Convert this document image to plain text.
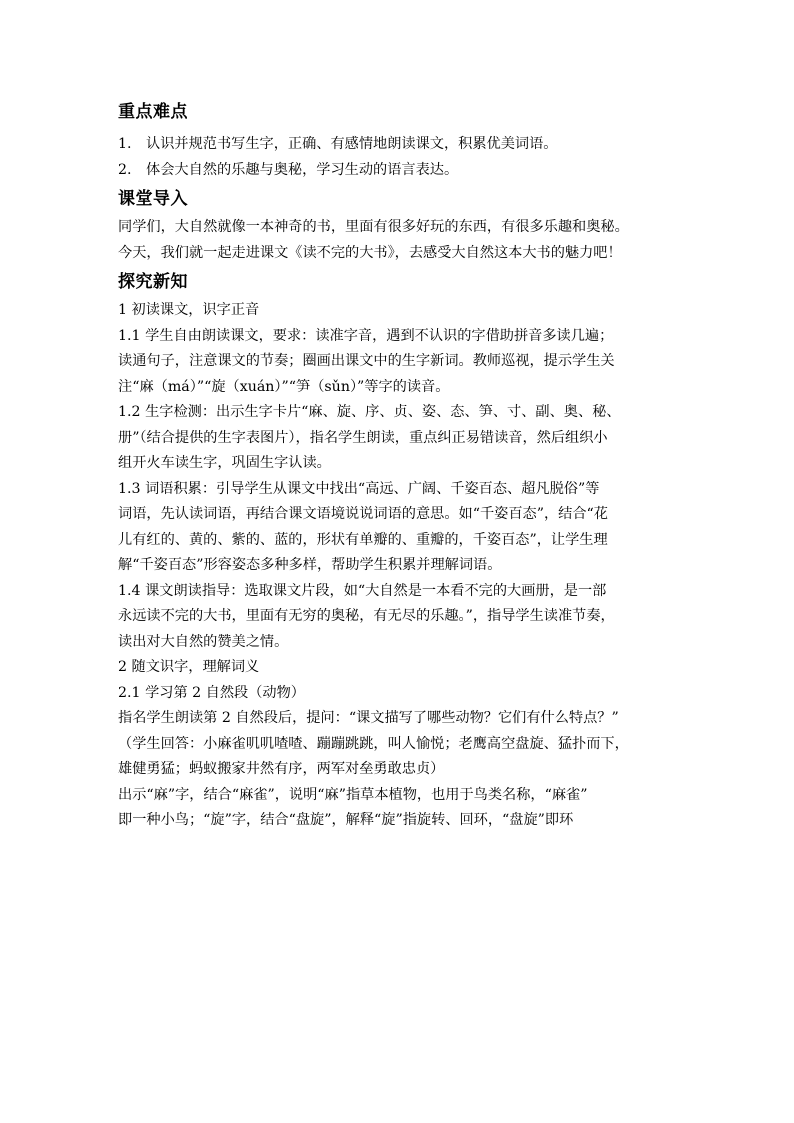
重点难点
1. 认识并规范书写生字，正确、有感情地朗读课文，积累优美词语。
2. 体会大自然的乐趣与奥秘，学习生动的语言表达。
课堂导入
同学们，大自然就像一本神奇的书，里面有很多好玩的东西，有很多乐趣和奥秘。
今天，我们就一起走进课文《读不完的大书》，去感受大自然这本大书的魅力吧！
探究新知
1 初读课文，识字正音
1.1 学生自由朗读课文，要求：读准字音，遇到不认识的字借助拼音多读几遍；
读通句子，注意课文的节奏；圈画出课文中的生字新词。教师巡视，提示学生关
注“麻（má）”“旋（xuán）”“笋（sǔn）”等字的读音。
1.2 生字检测：出示生字卡片“麻、旋、序、贞、姿、态、笋、寸、副、奥、秘、
册”（结合提供的生字表图片），指名学生朗读，重点纠正易错读音，然后组织小
组开火车读生字，巩固生字认读。
1.3 词语积累：引导学生从课文中找出“高远、广阔、千姿百态、超凡脱俗”等
词语，先认读词语，再结合课文语境说说词语的意思。如“千姿百态”，结合“花
儿有红的、黄的、紫的、蓝的，形状有单瓣的、重瓣的，千姿百态”，让学生理
解“千姿百态”形容姿态多种多样，帮助学生积累并理解词语。
1.4 课文朗读指导：选取课文片段，如“大自然是一本看不完的大画册，是一部
永远读不完的大书，里面有无穷的奥秘，有无尽的乐趣。”，指导学生读准节奏，
读出对大自然的赞美之情。
2 随文识字，理解词义
2.1 学习第 2 自然段（动物）
指名学生朗读第 2 自然段后，提问：“课文描写了哪些动物？它们有什么特点？”
（学生回答：小麻雀叽叽喳喳、蹦蹦跳跳，叫人愉悦；老鹰高空盘旋、猛扑而下，
雄健勇猛；蚂蚁搬家井然有序，两军对垒勇敢忠贞）
出示“麻”字，结合“麻雀”，说明“麻”指草本植物，也用于鸟类名称，“麻雀”
即一种小鸟；“旋”字，结合“盘旋”，解释“旋”指旋转、回环，“盘旋”即环
